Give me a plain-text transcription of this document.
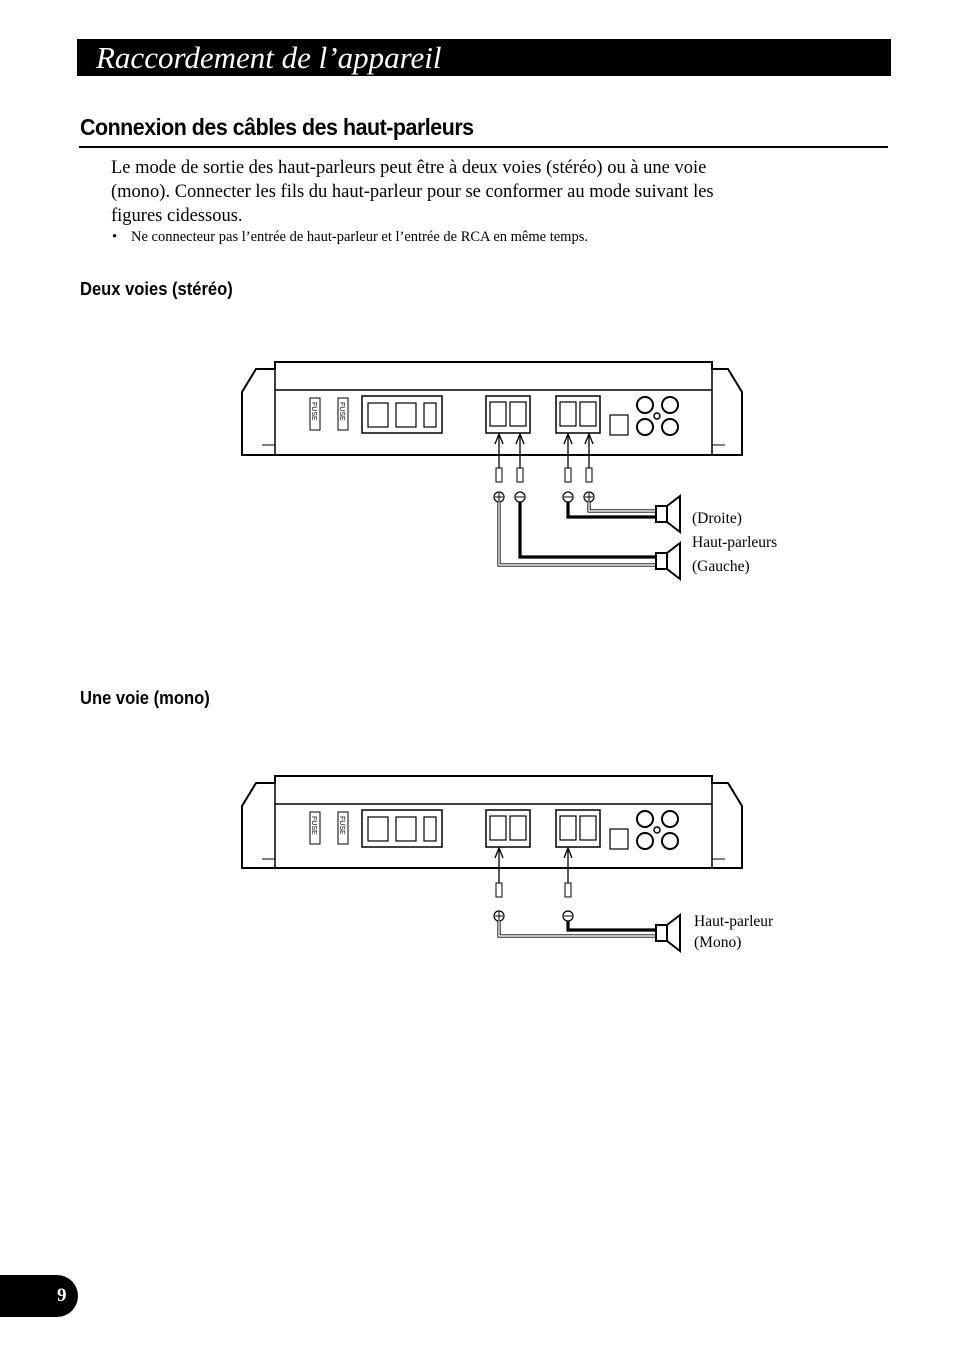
Raccordement de l’appareil
Connexion des câbles des haut-parleurs
Le mode de sortie des haut-parleurs peut être à deux voies (stéréo) ou à une voie (mono). Connecter les fils du haut-parleur pour se conformer au mode suivant les figures cidessous.
• Ne connecteur pas l’entrée de haut-parleur et l’entrée de RCA en même temps.
Deux voies (stéréo)
FUSE	FUSE
(Droite)
Haut-parleurs
(Gauche)
Une voie (mono)
FUSE	FUSE
Haut-parleur
(Mono)
9
